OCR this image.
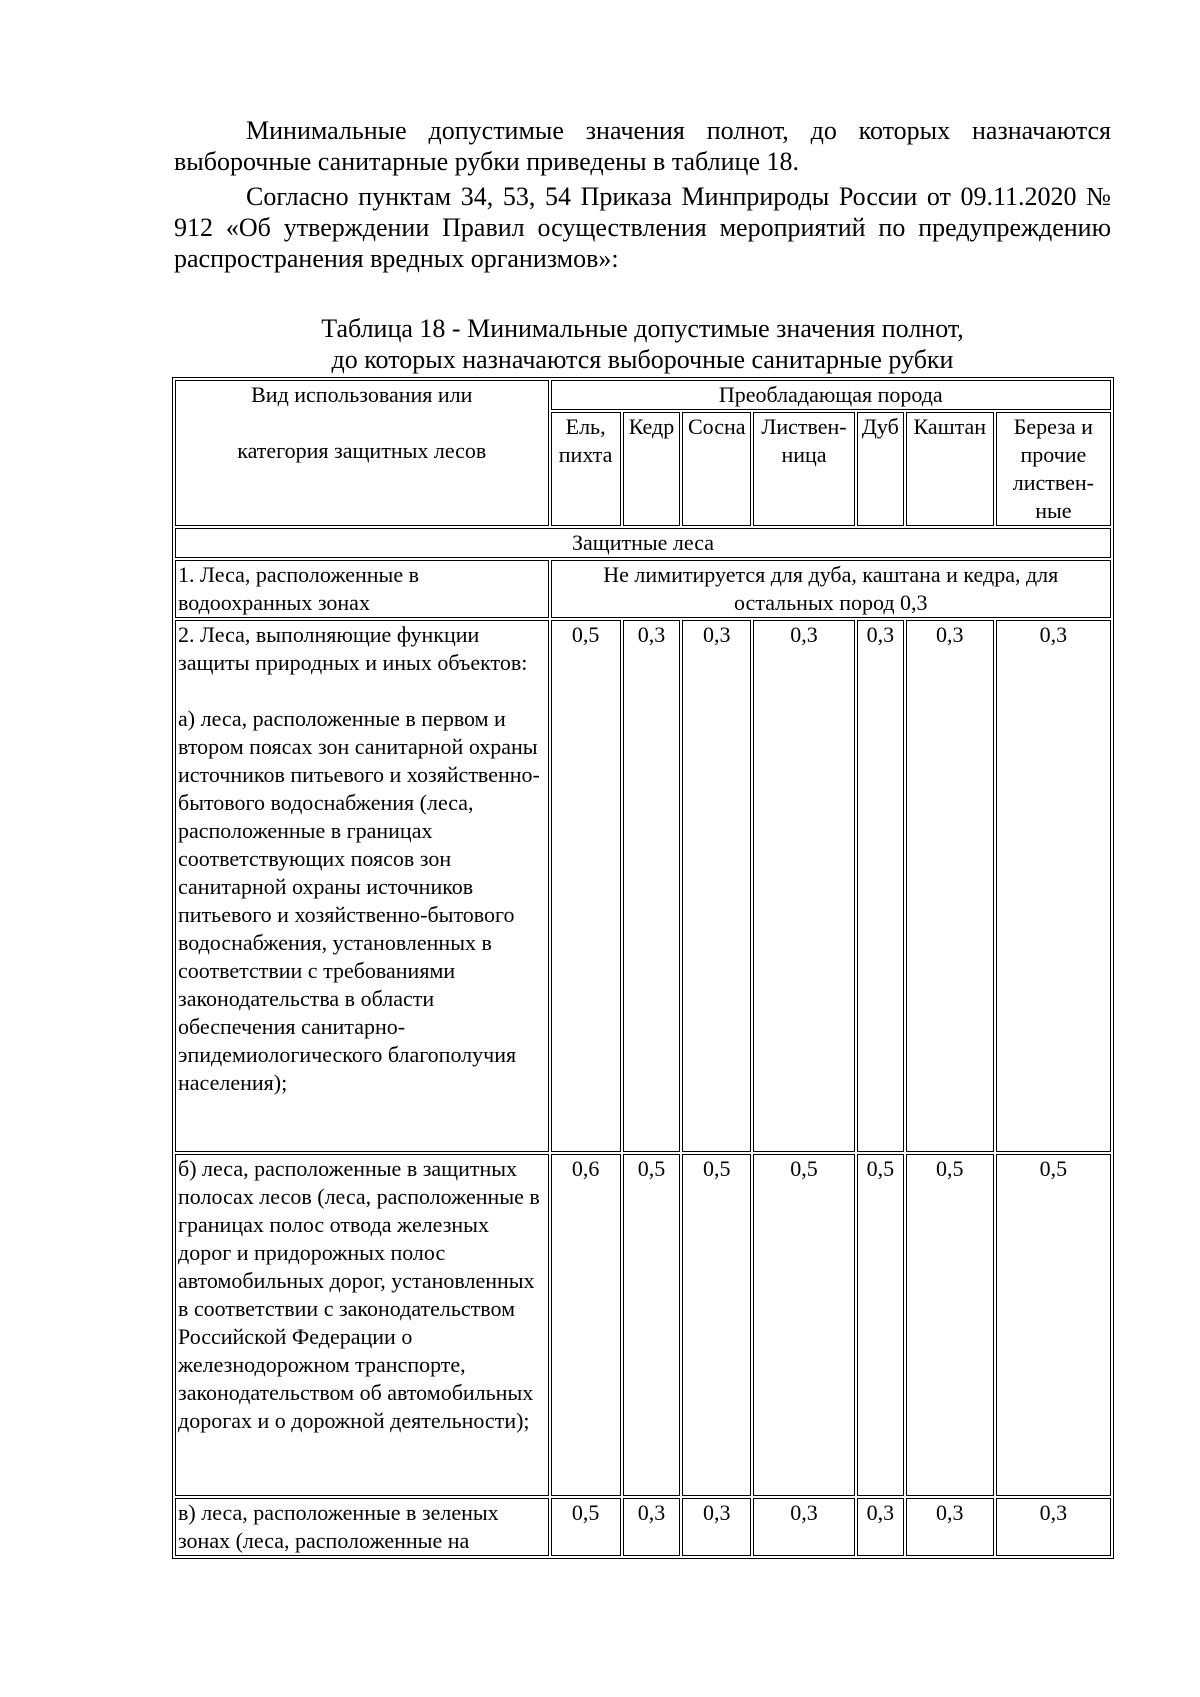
Минимальные допустимые значения полнот, до которых назначаются выборочные санитарные рубки приведены в таблице 18.

Согласно пунктам 34, 53, 54 Приказа Минприроды России от 09.11.2020 № 912 «Об утверждении Правил осуществления мероприятий по предупреждению распространения вредных организмов»:

Таблица 18 - Минимальные допустимые значения полнот,
до которых назначаются выборочные санитарные рубки
Вид использования или
категория защитных лесов	Преобладающая порода						
	Ель, пихта	Кедр	Сосна	Листвен-ница	Дуб	Каштан	Береза и прочие листвен-ные
Защитные леса							
1. Леса, расположенные в водоохранных зонах	Не лимитируется для дуба, каштана и кедра, для остальных пород 0,3						

2. Леса, выполняющие функции защиты природных и иных объектов:
а) леса, расположенные в первом и втором поясах зон санитарной охраны источников питьевого и хозяйственно-бытового водоснабжения (леса, расположенные в границах соответствующих поясов зон санитарной охраны источников питьевого и хозяйственно-бытового водоснабжения, установленных в соответствии с требованиями законодательства в области обеспечения санитарно-эпидемиологического благополучия населения);	0,5	0,3	0,3	0,3	0,3	0,3	0,3
б) леса, расположенные в защитных полосах лесов (леса, расположенные в границах полос отвода железных дорог и придорожных полос автомобильных дорог, установленных в соответствии с законодательством Российской Федерации о железнодорожном транспорте, законодательством об автомобильных дорогах и о дорожной деятельности);	0,6	0,5	0,5	0,5	0,5	0,5	0,5
в) леса, расположенные в зеленых зонах (леса, расположенные на	0,5	0,3	0,3	0,3	0,3	0,3	0,3
